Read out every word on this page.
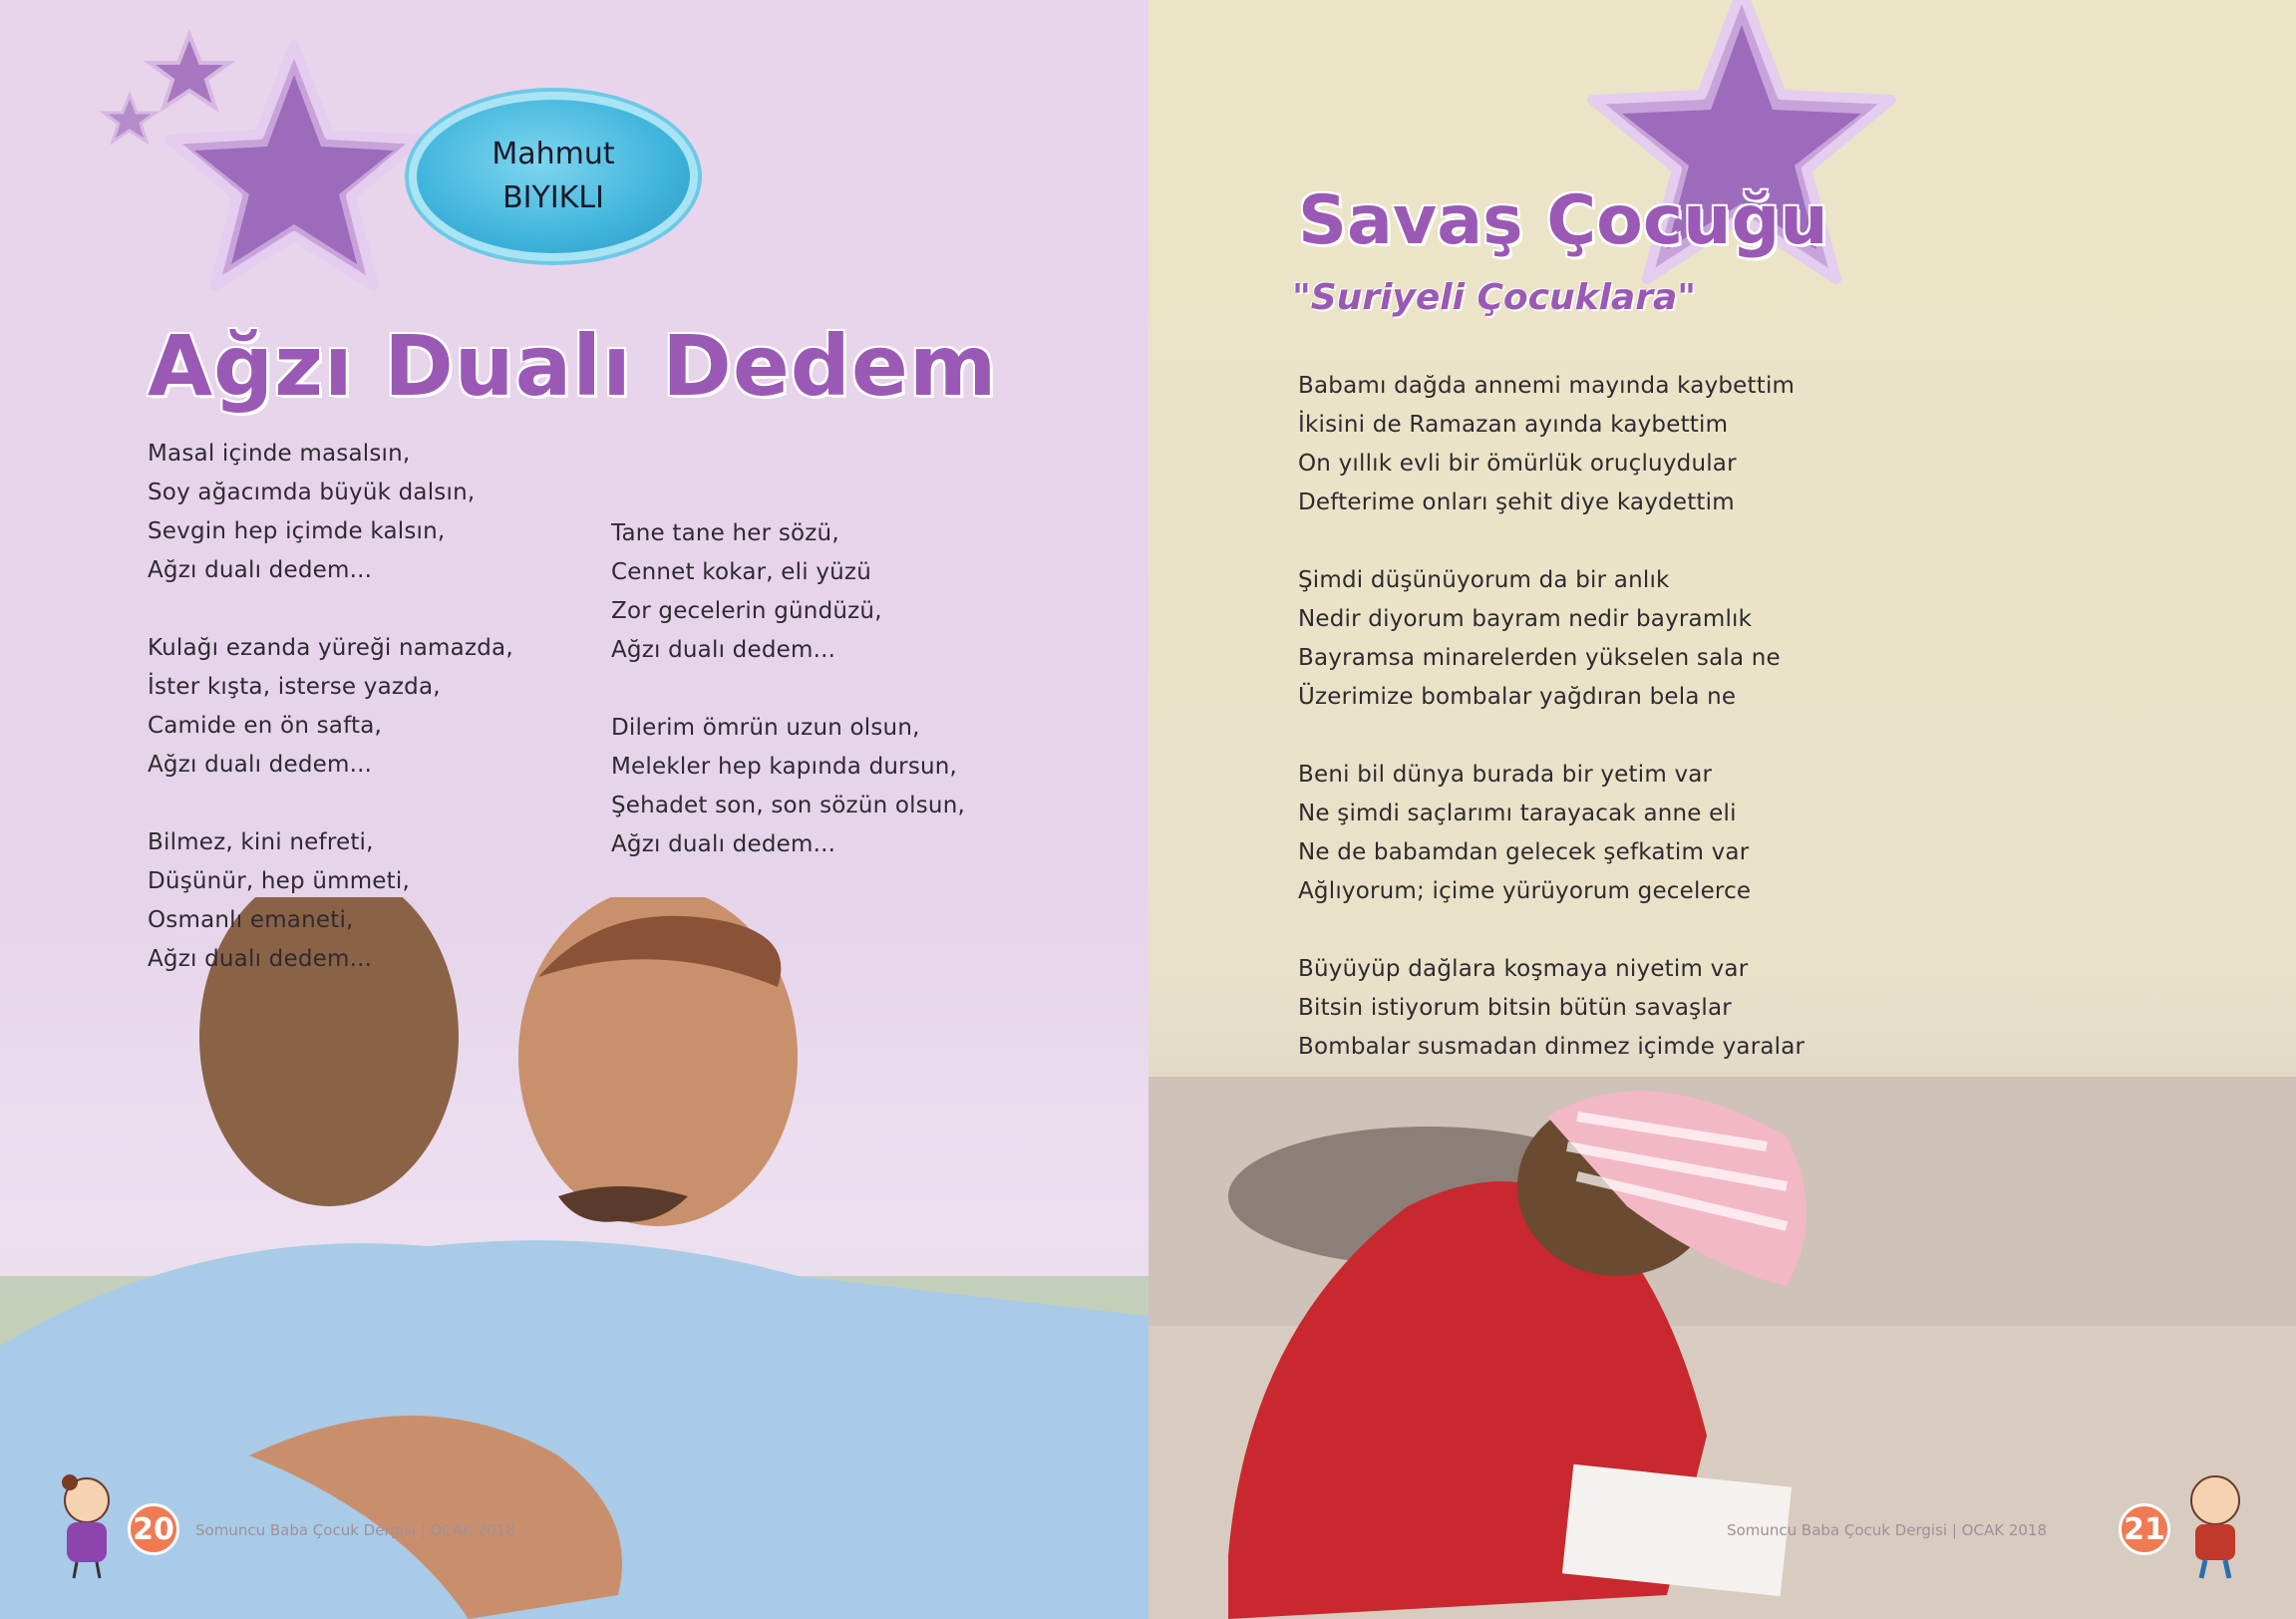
Mahmut
BIYIKLI
Ağzı Dualı Dedem
Masal içinde masalsın,
Soy ağacımda büyük dalsın,
Sevgin hep içimde kalsın,
Ağzı dualı dedem...
Kulağı ezanda yüreği namazda,
İster kışta, isterse yazda,
Camide en ön safta,
Ağzı dualı dedem...
Bilmez, kini nefreti,
Düşünür, hep ümmeti,
Osmanlı emaneti,
Ağzı dualı dedem...
Tane tane her sözü,
Cennet kokar, eli yüzü
Zor gecelerin gündüzü,
Ağzı dualı dedem...
Dilerim ömrün uzun olsun,
Melekler hep kapında dursun,
Şehadet son, son sözün olsun,
Ağzı dualı dedem...
20	Somuncu Baba Çocuk Dergisi | OCAK 2018
Savaş Çocuğu
"Suriyeli Çocuklara"
Babamı dağda annemi mayında kaybettim
İkisini de Ramazan ayında kaybettim
On yıllık evli bir ömürlük oruçluydular
Defterime onları şehit diye kaydettim
Şimdi düşünüyorum da bir anlık
Nedir diyorum bayram nedir bayramlık
Bayramsa minarelerden yükselen sala ne
Üzerimize bombalar yağdıran bela ne
Beni bil dünya burada bir yetim var
Ne şimdi saçlarımı tarayacak anne eli
Ne de babamdan gelecek şefkatim var
Ağlıyorum; içime yürüyorum gecelerce
Büyüyüp dağlara koşmaya niyetim var
Bitsin istiyorum bitsin bütün savaşlar
Bombalar susmadan dinmez içimde yaralar
Somuncu Baba Çocuk Dergisi | OCAK 2018	21
